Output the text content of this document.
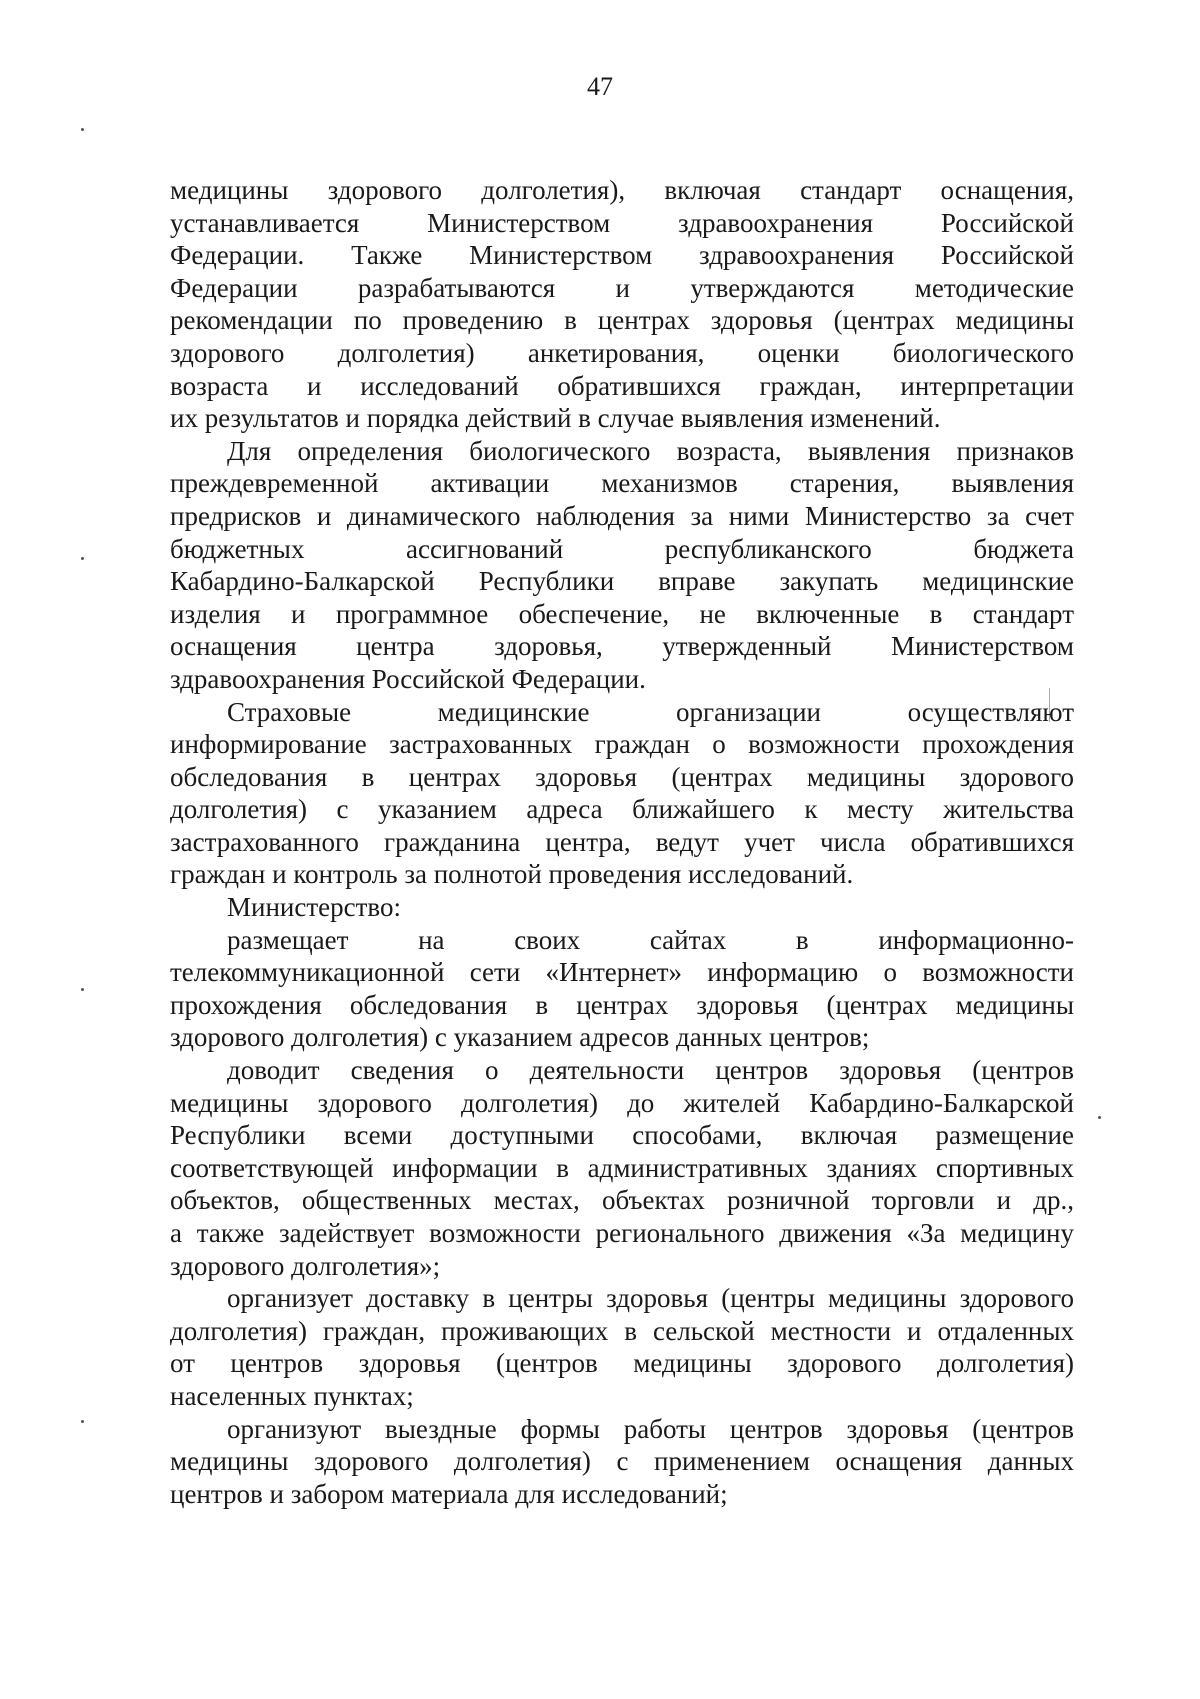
47
медицины здорового долголетия), включая стандарт оснащения,
устанавливается Министерством здравоохранения Российской
Федерации. Также Министерством здравоохранения Российской
Федерации разрабатываются и утверждаются методические
рекомендации по проведению в центрах здоровья (центрах медицины
здорового долголетия) анкетирования, оценки биологического
возраста и исследований обратившихся граждан, интерпретации
их результатов и порядка действий в случае выявления изменений.
Для определения биологического возраста, выявления признаков
преждевременной активации механизмов старения, выявления
предрисков и динамического наблюдения за ними Министерство за счет
бюджетных ассигнований республиканского бюджета
Кабардино-Балкарской Республики вправе закупать медицинские
изделия и программное обеспечение, не включенные в стандарт
оснащения центра здоровья, утвержденный Министерством
здравоохранения Российской Федерации.
Страховые медицинские организации осуществляют
информирование застрахованных граждан о возможности прохождения
обследования в центрах здоровья (центрах медицины здорового
долголетия) с указанием адреса ближайшего к месту жительства
застрахованного гражданина центра, ведут учет числа обратившихся
граждан и контроль за полнотой проведения исследований.
Министерство:
размещает на своих сайтах в информационно-
телекоммуникационной сети «Интернет» информацию о возможности
прохождения обследования в центрах здоровья (центрах медицины
здорового долголетия) с указанием адресов данных центров;
доводит сведения о деятельности центров здоровья (центров
медицины здорового долголетия) до жителей Кабардино-Балкарской
Республики всеми доступными способами, включая размещение
соответствующей информации в административных зданиях спортивных
объектов, общественных местах, объектах розничной торговли и др.,
а также задействует возможности регионального движения «За медицину
здорового долголетия»;
организует доставку в центры здоровья (центры медицины здорового
долголетия) граждан, проживающих в сельской местности и отдаленных
от центров здоровья (центров медицины здорового долголетия)
населенных пунктах;
организуют выездные формы работы центров здоровья (центров
медицины здорового долголетия) с применением оснащения данных
центров и забором материала для исследований;
